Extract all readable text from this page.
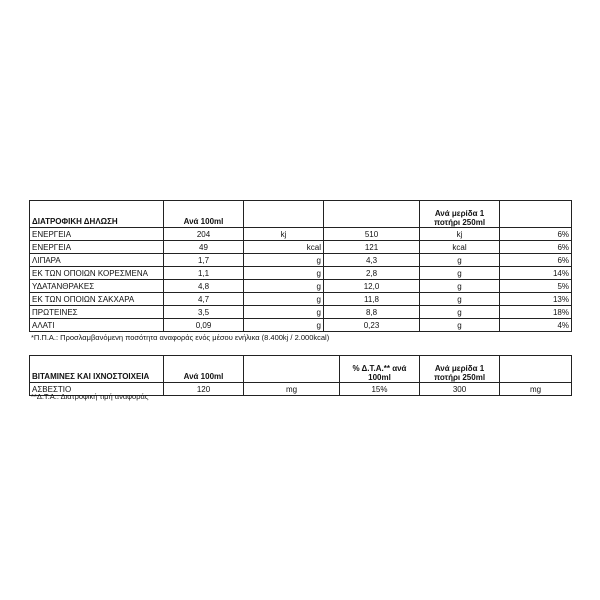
ΔΙΑΤΡΟΦΙΚΗ ΔΗΛΩΣΗ	Ανά 100ml			Ανά μερίδα 1 ποτήρι 250ml	
ΕΝΕΡΓΕΙΑ	204	kj	510	kj	6%
ΕΝΕΡΓΕΙΑ	49	kcal	121	kcal	6%
ΛΙΠΑΡΑ	1,7	g	4,3	g	6%
ΕΚ ΤΩΝ ΟΠΟΙΩΝ ΚΟΡΕΣΜΕΝΑ	1,1	g	2,8	g	14%
ΥΔΑΤΑΝΘΡΑΚΕΣ	4,8	g	12,0	g	5%
ΕΚ ΤΩΝ ΟΠΟΙΩΝ ΣΑΚΧΑΡΑ	4,7	g	11,8	g	13%
ΠΡΩΤΕΙΝΕΣ	3,5	g	8,8	g	18%
ΑΛΑΤΙ	0,09	g	0,23	g	4%
*Π.Π.Α.: Προσλαμβανόμενη ποσότητα αναφοράς ενός μέσου ενήλικα (8.400kj / 2.000kcal)
ΒΙΤΑΜΙΝΕΣ ΚΑΙ ΙΧΝΟΣΤΟΙΧΕΙΑ	Ανά 100ml		% Δ.Τ.Α.** ανά 100ml	Ανά μερίδα 1 ποτήρι 250ml	
ΑΣΒΕΣΤΙΟ	120	mg	15%	300	mg
**Δ.Τ.Α.: Διατροφική τιμή αναφοράς
